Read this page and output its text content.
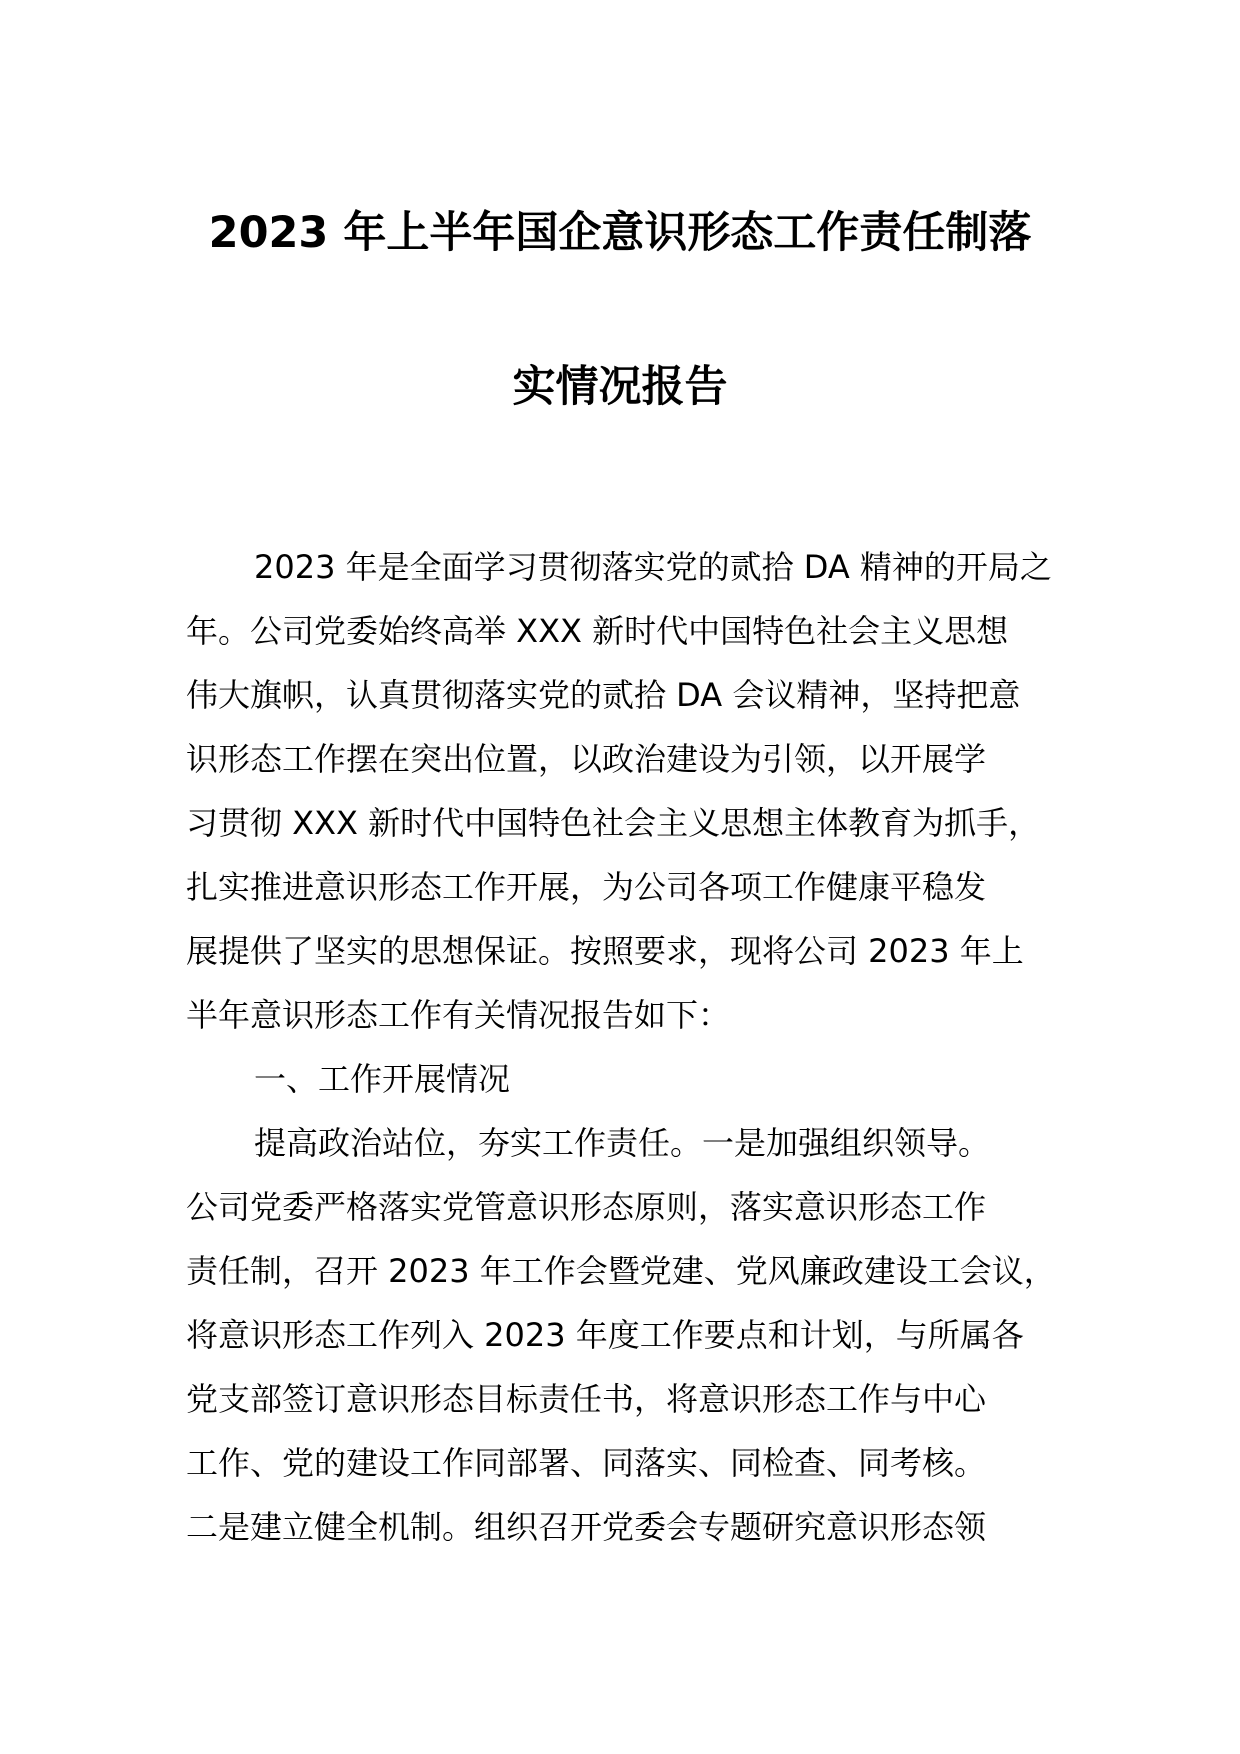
2023 年上半年国企意识形态工作责任制落
实情况报告
2023 年是全面学习贯彻落实党的贰拾 DA 精神的开局之
年。公司党委始终高举 XXX 新时代中国特色社会主义思想
伟大旗帜，认真贯彻落实党的贰拾 DA 会议精神，坚持把意
识形态工作摆在突出位置，以政治建设为引领，以开展学
习贯彻 XXX 新时代中国特色社会主义思想主体教育为抓手，
扎实推进意识形态工作开展，为公司各项工作健康平稳发
展提供了坚实的思想保证。按照要求，现将公司 2023 年上
半年意识形态工作有关情况报告如下：
一、工作开展情况
提高政治站位，夯实工作责任。一是加强组织领导。
公司党委严格落实党管意识形态原则，落实意识形态工作
责任制，召开 2023 年工作会暨党建、党风廉政建设工会议，
将意识形态工作列入 2023 年度工作要点和计划，与所属各
党支部签订意识形态目标责任书，将意识形态工作与中心
工作、党的建设工作同部署、同落实、同检查、同考核。
二是建立健全机制。组织召开党委会专题研究意识形态领
